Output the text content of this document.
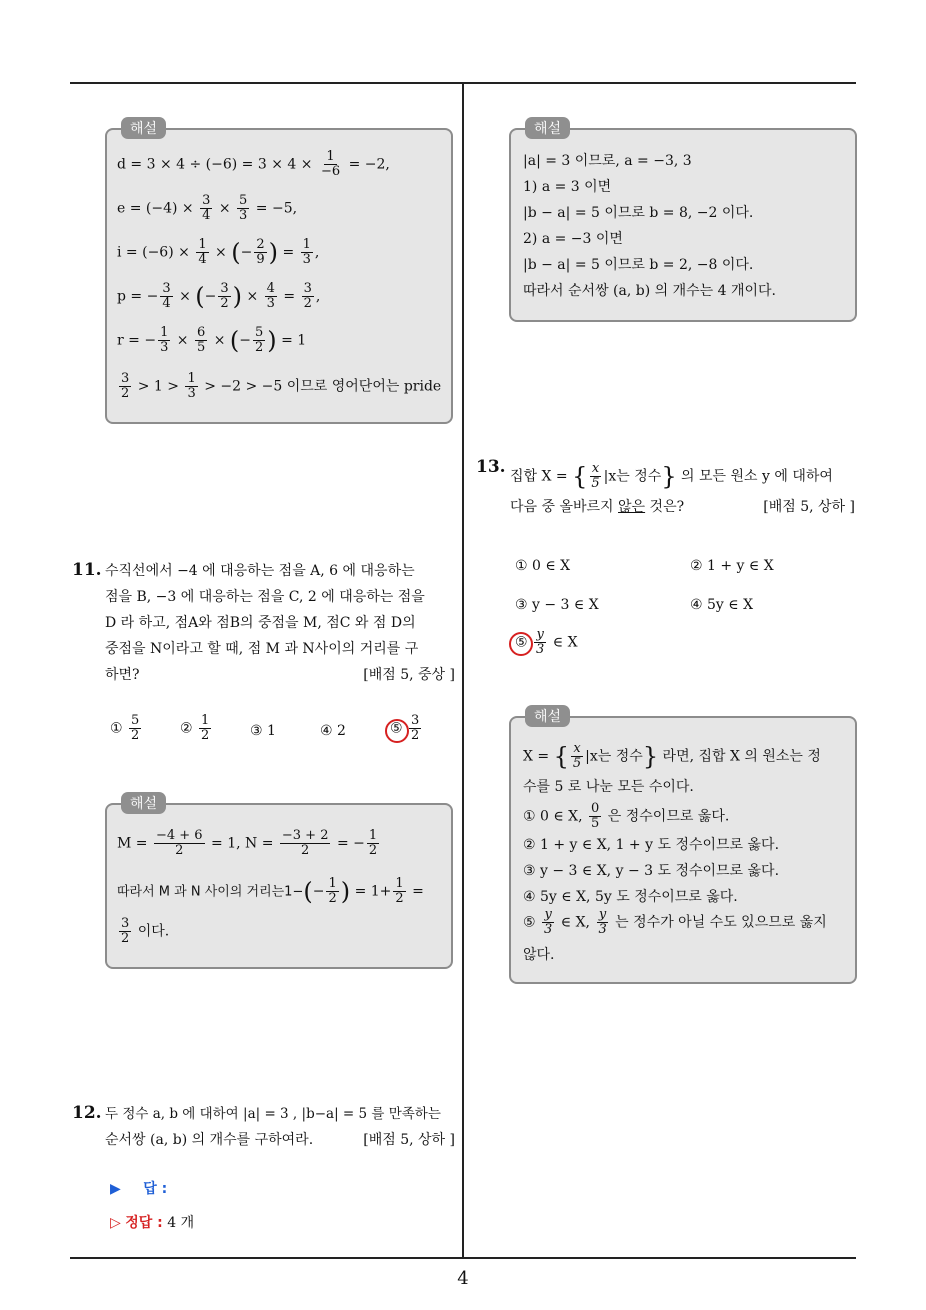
해설
$d = 3 \times 4 \div (-6) = 3 \times 4 \times \frac{1}{-6} = -2$,
$e = (-4) \times \frac{3}{4} \times \frac{5}{3} = -5$,
$i = (-6) \times \frac{1}{4}$ × (− $\frac{2}{9}$ ) = $\frac{1}{3}$ ,
p = − $\frac{3}{4}$ × (− $\frac{3}{2}$ ) × $\frac{4}{3} = \frac{3}{2}$ ,
r = − $\frac{1}{3} \times \frac{6}{5}$ × (− $\frac{5}{2}$ ) = 1
$\frac{3}{2} > 1 > \frac{1}{3} > -2 > -5$ 이므로 영어단어는 pride
11. 수직선에서 −4 에 대응하는 점을 A, 6 에 대응하는
점을 B, −3 에 대응하는 점을 C, 2 에 대응하는 점을
D 라 하고, 점A와 점B의 중점을 M, 점C 와 점 D의
중점을 N이라고 할 때, 점 M 과 N사이의 거리를 구
하면?	[배점 5, 중상 ]
① $\frac{5}{2}$	② $\frac{1}{2}$	③ 1	④ 2	⑤ $\frac{3}{2}$
해설
$M = \frac{-4 + 6}{2} = 1$, $N = \frac{-3 + 2}{2}$ = − $\frac{1}{2}$
따라서 M 과 N 사이의 거리는$1-(- \frac{1}{2}$ ) = $1+ \frac{1}{2}$ =
$\frac{3}{2}$ 이다.
12. 두 정수 a, b 에 대하여 |a| = 3 , |b−a| = 5 를 만족하는
순서쌍 (a, b) 의 개수를 구하여라.	[배점 5, 상하 ]
▶ 답 :
▷ 정답 : 4 개
해설
|a| = 3 이므로, a = −3, 3
1) a = 3 이면
|b − a| = 5 이므로 b = 8, −2 이다.
2) a = −3 이면
|b − a| = 5 이므로 b = 2, −8 이다.
따라서 순서쌍 (a, b) 의 개수는 4 개이다.
13. 집합 X = { $\frac{x}{5} |x$는 정수} 의 모든 원소 y 에 대하여
다음 중 올바르지 않은 것은?	[배점 5, 상하 ]
① 0 ∈ X	② 1 + y ∈ X
③ y − 3 ∈ X	④ 5y ∈ X
⑤ $\frac{y}{3}$ ∈ X
해설
X = { $\frac{x}{5} |x$는 정수} 라면, 집합 X 의 원소는 정
수를 5 로 나눈 모든 수이다.
① 0 ∈ X, $\frac{0}{5}$ 은 정수이므로 옳다.
② 1 + y ∈ X, 1 + y 도 정수이므로 옳다.
③ y − 3 ∈ X, y − 3 도 정수이므로 옳다.
④ 5y ∈ X, 5y 도 정수이므로 옳다.
⑤ $\frac{y}{3}$ ∈ X, $\frac{y}{3}$ 는 정수가 아닐 수도 있으므로 옳지
않다.
4
